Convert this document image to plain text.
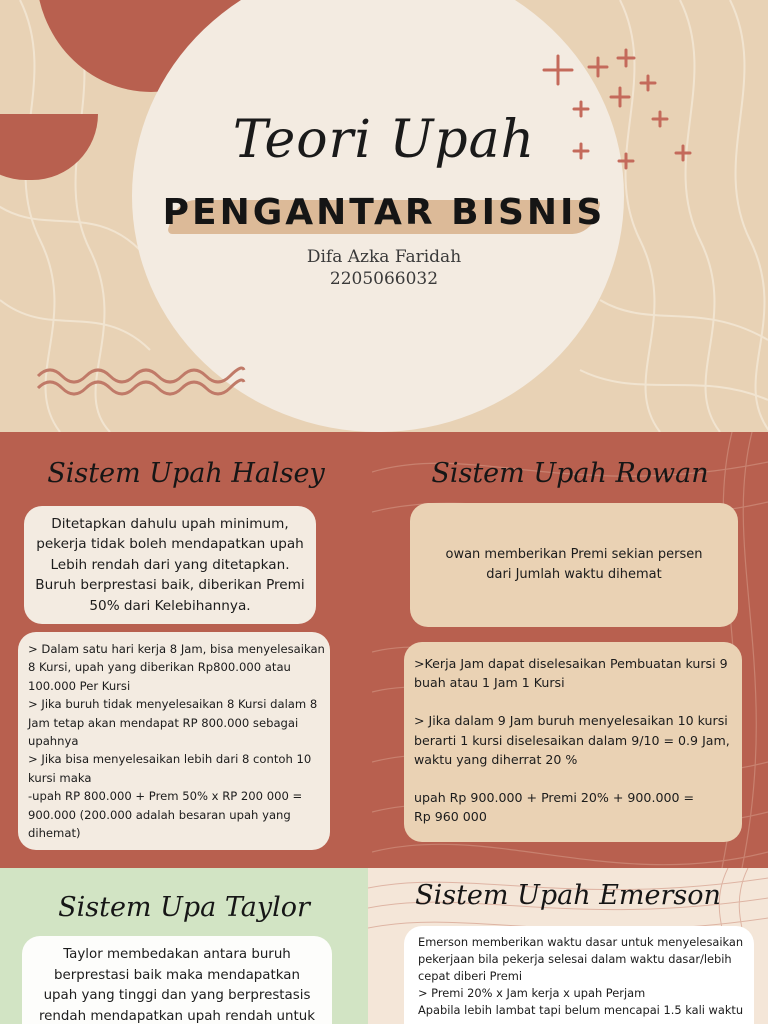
Teori Upah
PENGANTAR BISNIS
Difa Azka Faridah
2205066032
Sistem Upah Halsey

Ditetapkan dahulu upah minimum,

pekerja tidak boleh mendapatkan upah

Lebih rendah dari yang ditetapkan.

Buruh berprestasi baik, diberikan Premi

50% dari Kelebihannya.

> Dalam satu hari kerja 8 Jam, bisa menyelesaikan

8 Kursi, upah yang diberikan Rp800.000 atau

100.000 Per Kursi

> Jika buruh tidak menyelesaikan 8 Kursi dalam 8

Jam tetap akan mendapat RP 800.000 sebagai

upahnya

> Jika bisa menyelesaikan lebih dari 8 contoh 10

kursi maka

-upah RP 800.000 + Prem 50% x RP 200 000 =

900.000 (200.000 adalah besaran upah yang

dihemat)

Sistem Upah Rowan

owan memberikan Premi sekian persen

dari Jumlah waktu dihemat

>Kerja Jam dapat diselesaikan Pembuatan kursi 9

buah atau 1 Jam 1 Kursi

> Jika dalam 9 Jam buruh menyelesaikan 10 kursi

berarti 1 kursi diselesaikan dalam 9/10 = 0.9 Jam,

waktu yang diherrat 20 %

upah Rp 900.000 + Premi 20% + 900.000 =

Rp 960 000

Sistem Upa Taylor

Taylor membedakan antara buruh

berprestasi baik maka mendapatkan

upah yang tinggi dan yang berprestasis

rendah mendapatkan upah rendah untuk

Sistem Upah Emerson

Emerson memberikan waktu dasar untuk menyelesaikan

pekerjaan bila pekerja selesai dalam waktu dasar/lebih

cepat diberi Premi

> Premi 20% x Jam kerja x upah Perjam

Apabila lebih lambat tapi belum mencapai 1.5 kali waktu
